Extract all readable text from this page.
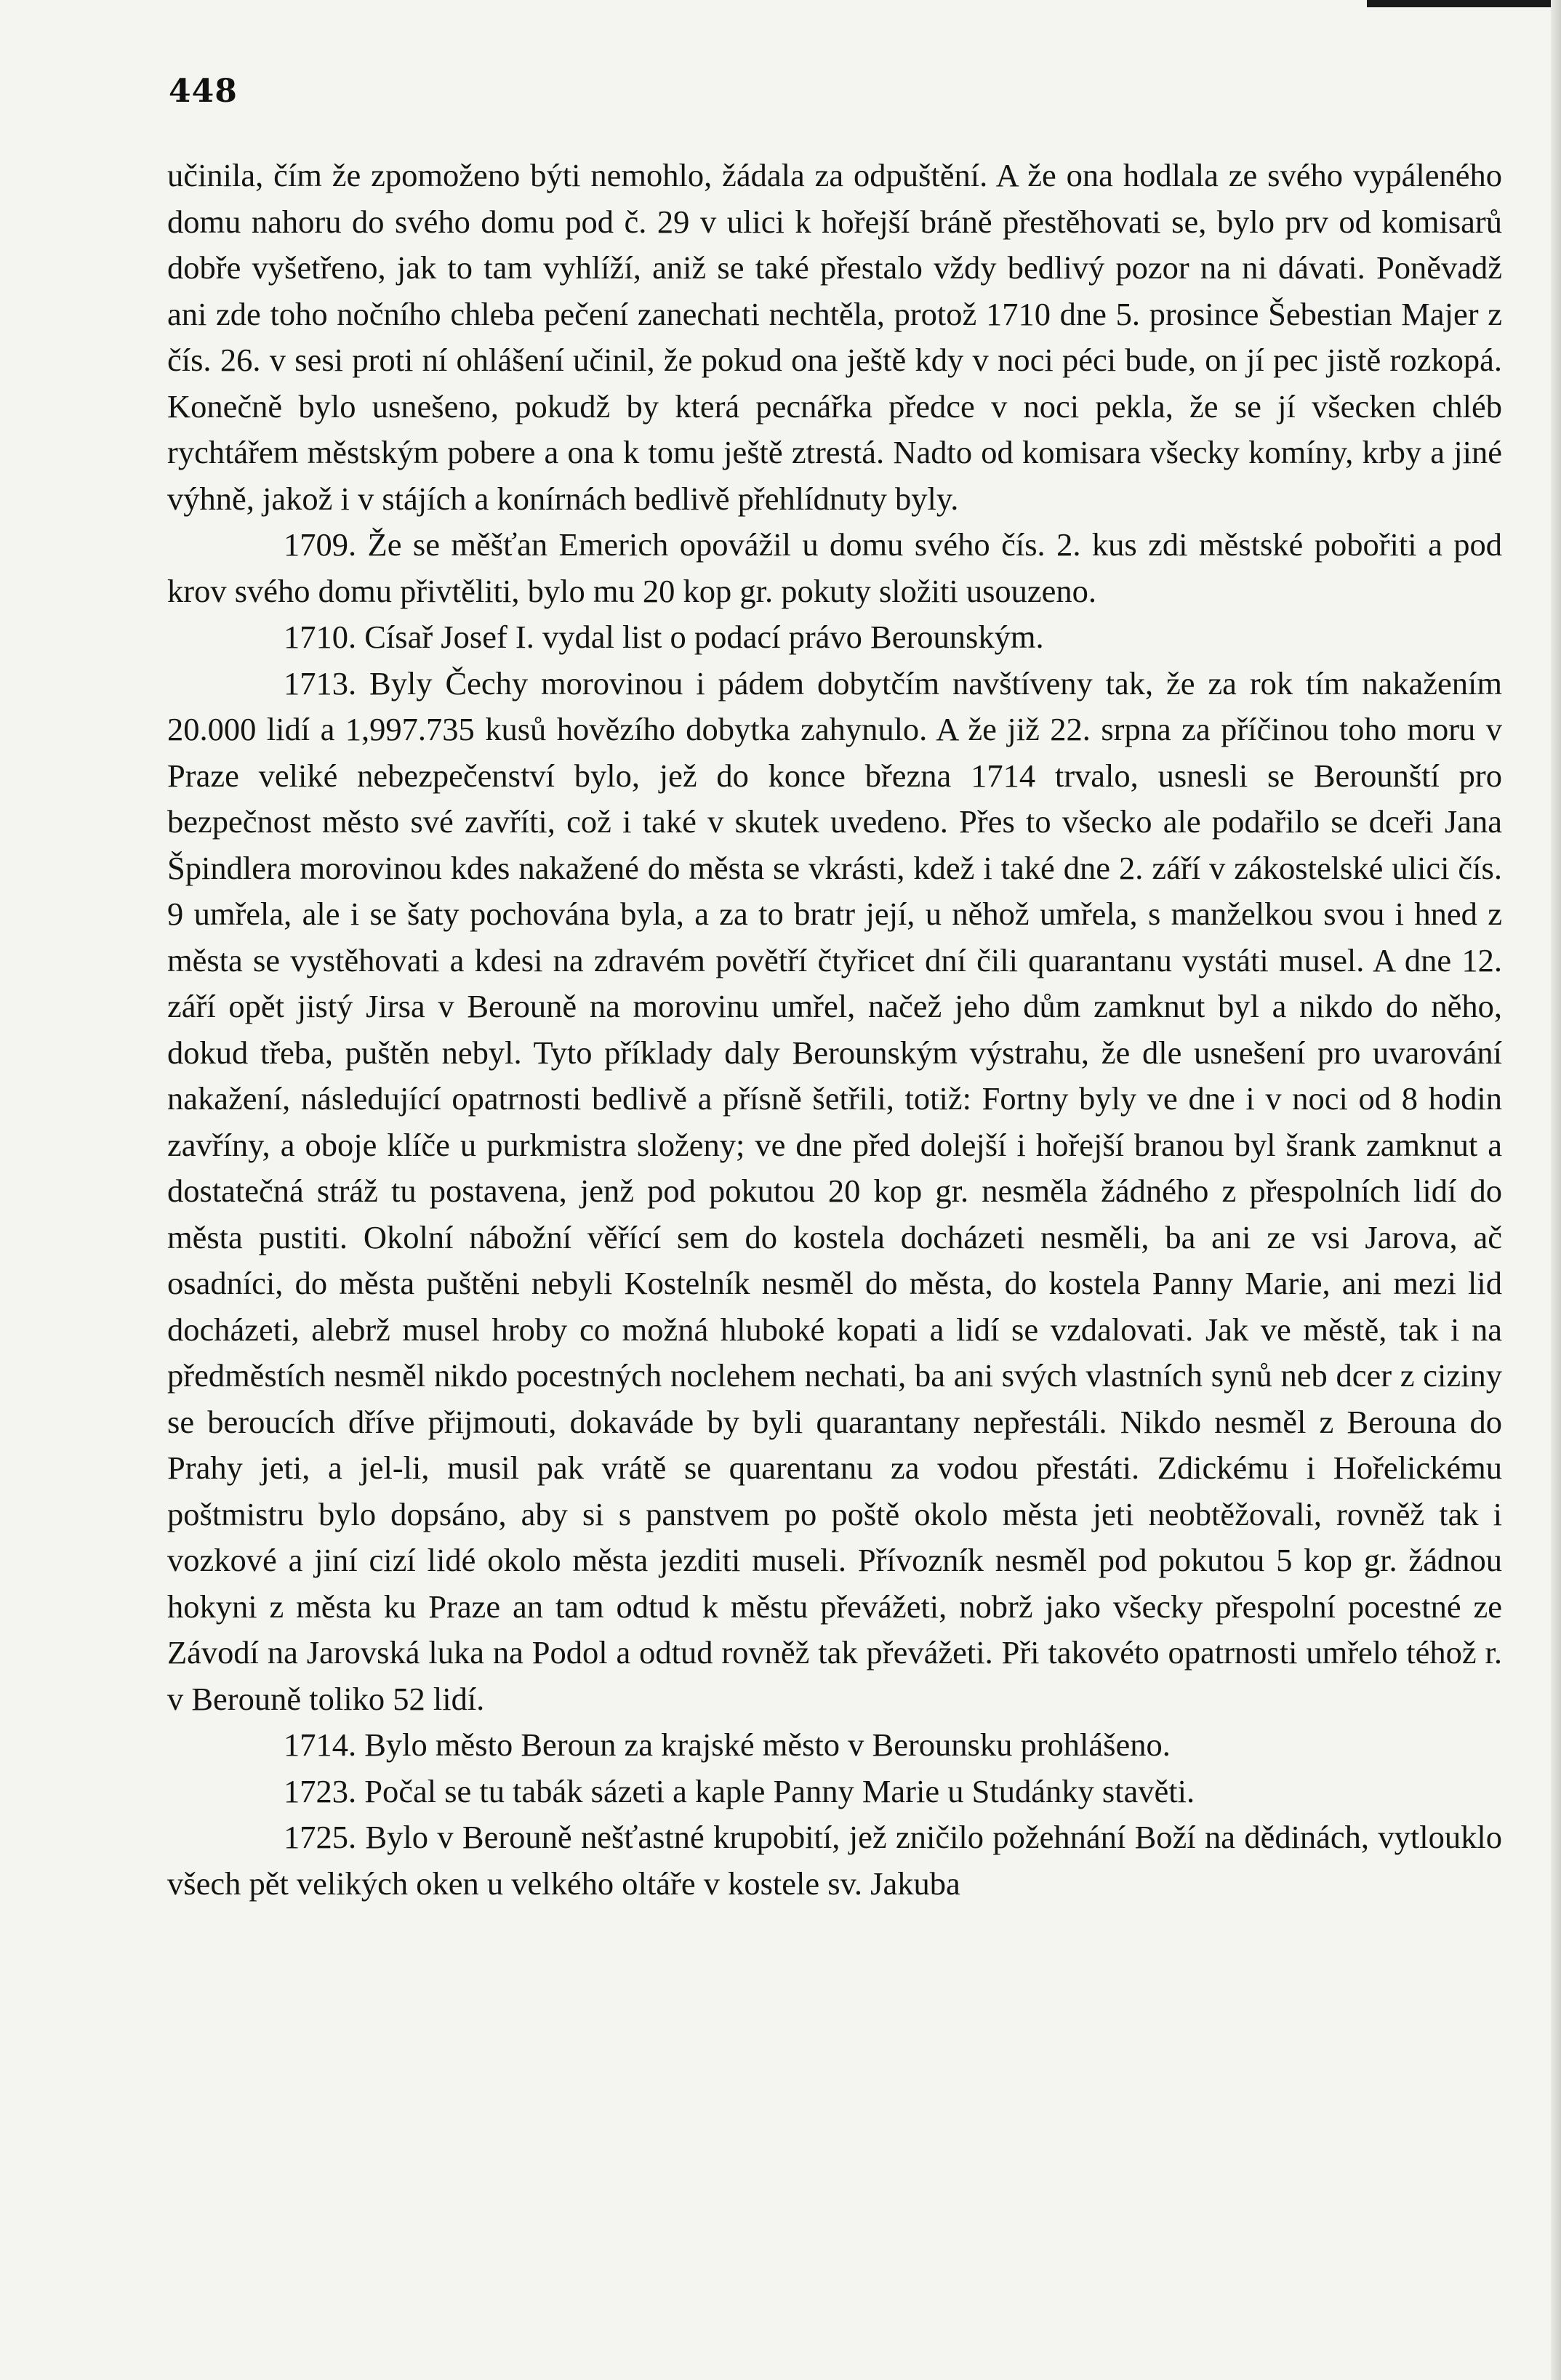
448

učinila, čím že zpomoženo býti nemohlo, žádala za odpuštění. A že ona hodlala ze svého vypáleného domu nahoru do svého domu pod č. 29 v ulici k hořejší bráně přestěhovati se, bylo prv od komisarů dobře vyšetřeno, jak to tam vyhlíží, aniž se také přestalo vždy bedlivý pozor na ni dávati. Poněvadž ani zde toho nočního chleba pečení zanechati nechtěla, protož 1710 dne 5. prosince Šebestian Majer z čís. 26. v sesi proti ní ohlášení učinil, že pokud ona ještě kdy v noci péci bude, on jí pec jistě rozkopá. Konečně bylo usnešeno, pokudž by která pecnářka předce v noci pekla, že se jí všecken chléb rychtářem městským pobere a ona k tomu ještě ztrestá. Nadto od komisara všecky komíny, krby a jiné výhně, jakož i v stájích a konírnách bedlivě přehlídnuty byly.

1709. Že se měšťan Emerich opovážil u domu svého čís. 2. kus zdi městské pobořiti a pod krov svého domu přivtěliti, bylo mu 20 kop gr. pokuty složiti usouzeno.

1710. Císař Josef I. vydal list o podací právo Berounským.

1713. Byly Čechy morovinou i pádem dobytčím navštíveny tak, že za rok tím nakažením 20.000 lidí a 1,997.735 kusů hovězího dobytka zahynulo. A že již 22. srpna za příčinou toho moru v Praze veliké nebezpečenství bylo, jež do konce března 1714 trvalo, usnesli se Berounští pro bezpečnost město své zavříti, což i také v skutek uvedeno. Přes to všecko ale podařilo se dceři Jana Špindlera morovinou kdes nakažené do města se vkrásti, kdež i také dne 2. září v zákostelské ulici čís. 9 umřela, ale i se šaty pochována byla, a za to bratr její, u něhož umřela, s manželkou svou i hned z města se vystěhovati a kdesi na zdravém povětří čtyřicet dní čili quarantanu vystáti musel. A dne 12. září opět jistý Jirsa v Berouně na morovinu umřel, načež jeho dům zamknut byl a nikdo do něho, dokud třeba, puštěn nebyl. Tyto příklady daly Berounským výstrahu, že dle usnešení pro uvarování nakažení, následující opatrnosti bedlivě a přísně šetřili, totiž: Fortny byly ve dne i v noci od 8 hodin zavříny, a oboje klíče u purkmistra složeny; ve dne před dolejší i hořejší branou byl šrank zamknut a dostatečná stráž tu postavena, jenž pod pokutou 20 kop gr. nesměla žádného z přespolních lidí do města pustiti. Okolní nábožní věřící sem do kostela docházeti nesměli, ba ani ze vsi Jarova, ač osadníci, do města puštěni nebyli Kostelník nesměl do města, do kostela Panny Marie, ani mezi lid docházeti, alebrž musel hroby co možná hluboké kopati a lidí se vzdalovati. Jak ve městě, tak i na předměstích nesměl nikdo pocestných noclehem nechati, ba ani svých vlastních synů neb dcer z ciziny se beroucích dříve přijmouti, dokaváde by byli quarantany nepřestáli. Nikdo nesměl z Berouna do Prahy jeti, a jel-li, musil pak vrátě se quarentanu za vodou přestáti. Zdickému i Hořelickému poštmistru bylo dopsáno, aby si s panstvem po poště okolo města jeti neobtěžovali, rovněž tak i vozkové a jiní cizí lidé okolo města jezditi museli. Přívozník nesměl pod pokutou 5 kop gr. žádnou hokyni z města ku Praze an tam odtud k městu převážeti, nobrž jako všecky přespolní pocestné ze Závodí na Jarovská luka na Podol a odtud rovněž tak převážeti. Při takovéto opatrnosti umřelo téhož r. v Berouně toliko 52 lidí.

1714. Bylo město Beroun za krajské město v Berounsku prohlášeno.

1723. Počal se tu tabák sázeti a kaple Panny Marie u Studánky stavěti.

1725. Bylo v Berouně nešťastné krupobití, jež zničilo požehnání Boží na dědinách, vytlouklo všech pět velikých oken u velkého oltáře v kostele sv. Jakuba
